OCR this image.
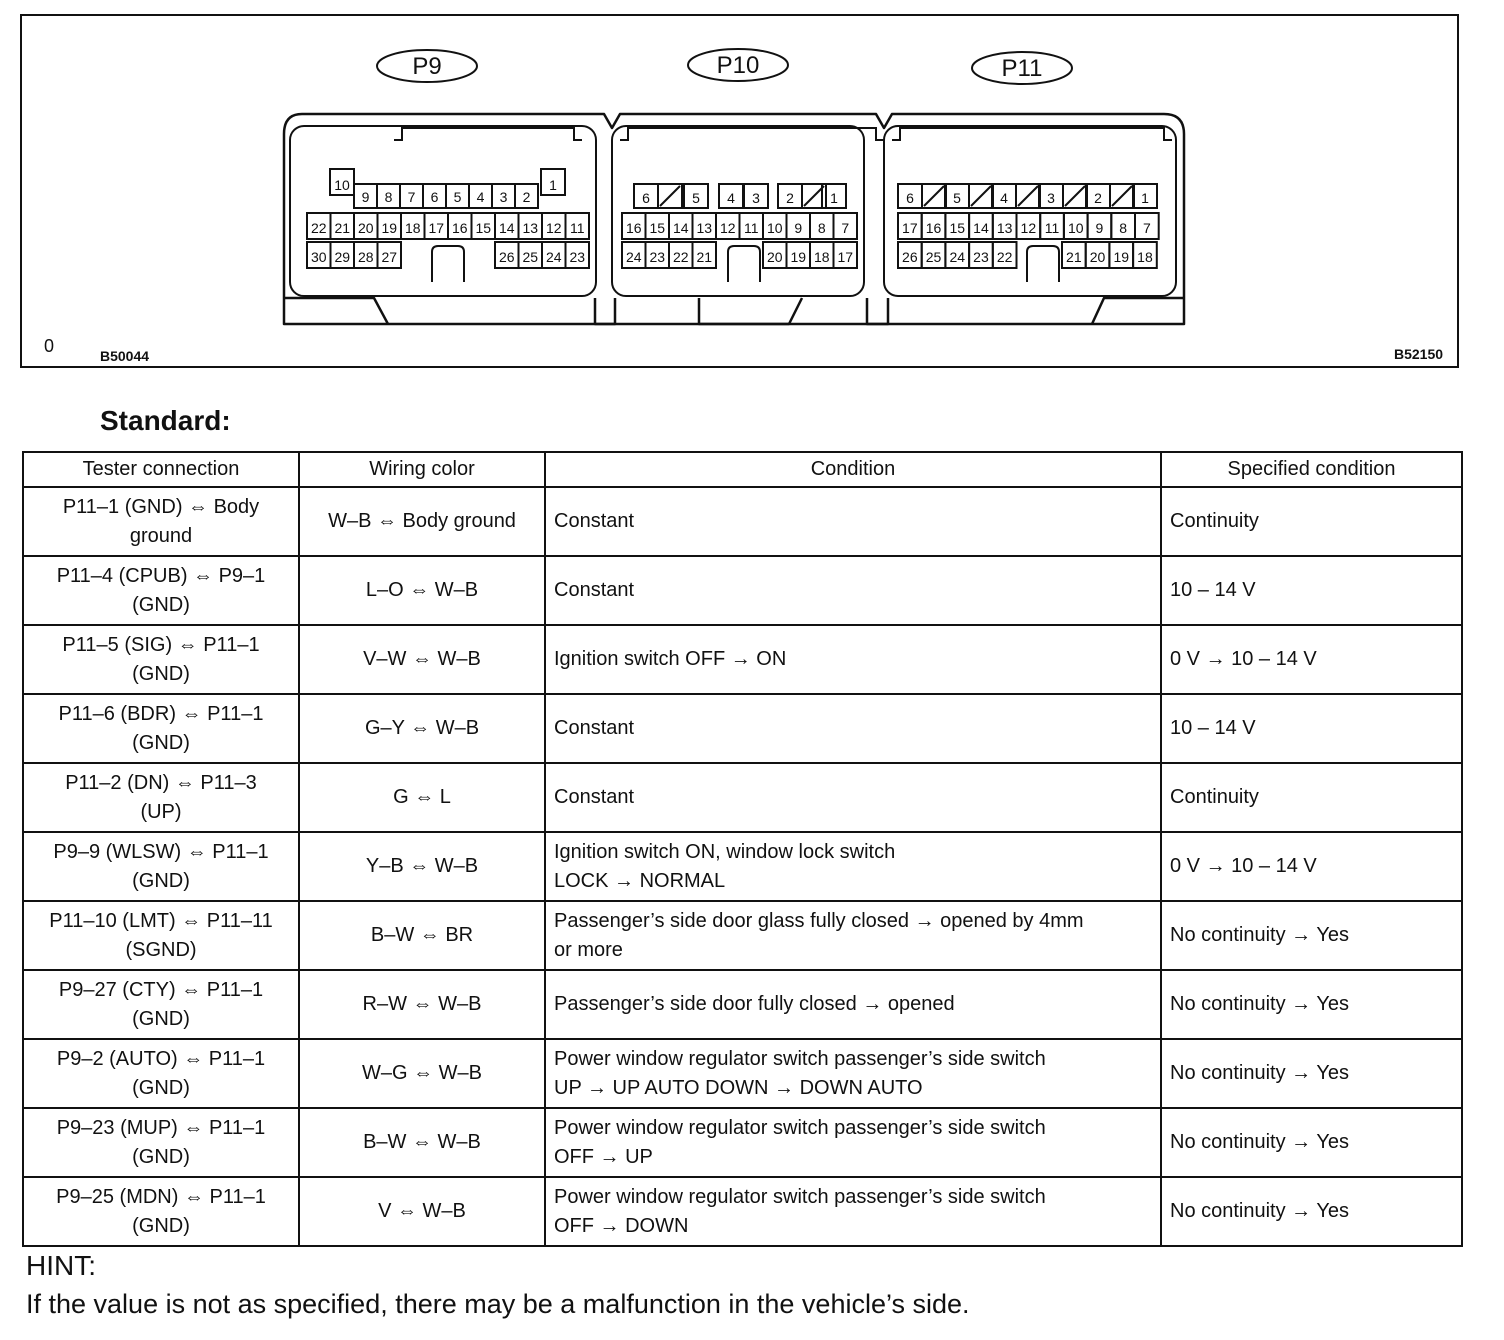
P9	P10	P11
10	1
9 8 7 6 5 4 3 2
22 21 20 19 18 17 16 15 14 13 12 11
30 29 28 27	26 25 24 23
6	5 4 3 2	1
16 15 14 13 12 11 10 9 8 7
24 23 22 21	20 19 18 17
6	5	4	3	2	1
17 16 15 14 13 12 11 10 9 8 7
26 25 24 23 22	21 20 19 18
0	B50044	B52150
Standard:
Tester connection	Wiring color	Condition	Specified condition

P11–1 (GND) ⇔ Body
ground	W–B ⇔ Body ground	Constant	Continuity

P11–4 (CPUB) ⇔ P9–1
(GND)	L–O ⇔ W–B	Constant	10 – 14 V

P11–5 (SIG) ⇔ P11–1
(GND)	V–W ⇔ W–B	Ignition switch OFF → ON	0 V → 10 – 14 V

P11–6 (BDR) ⇔ P11–1
(GND)	G–Y ⇔ W–B	Constant	10 – 14 V

P11–2 (DN) ⇔ P11–3
(UP)	G ⇔ L	Constant	Continuity

P9–9 (WLSW) ⇔ P11–1
(GND)	Y–B ⇔ W–B	Ignition switch ON, window lock switch
LOCK → NORMAL	0 V → 10 – 14 V

P11–10 (LMT) ⇔ P11–11
(SGND)	B–W ⇔ BR	Passenger’s side door glass fully closed → opened by 4mm
or more	No continuity → Yes

P9–27 (CTY) ⇔ P11–1
(GND)	R–W ⇔ W–B	Passenger’s side door fully closed → opened	No continuity → Yes

P9–2 (AUTO) ⇔ P11–1
(GND)	W–G ⇔ W–B	Power window regulator switch passenger’s side switch
UP → UP AUTO DOWN → DOWN AUTO	No continuity → Yes

P9–23 (MUP) ⇔ P11–1
(GND)	B–W ⇔ W–B	Power window regulator switch passenger’s side switch
OFF → UP	No continuity → Yes

P9–25 (MDN) ⇔ P11–1
(GND)	V ⇔ W–B	Power window regulator switch passenger’s side switch
OFF → DOWN	No continuity → Yes
HINT:
If the value is not as specified, there may be a malfunction in the vehicle’s side.
